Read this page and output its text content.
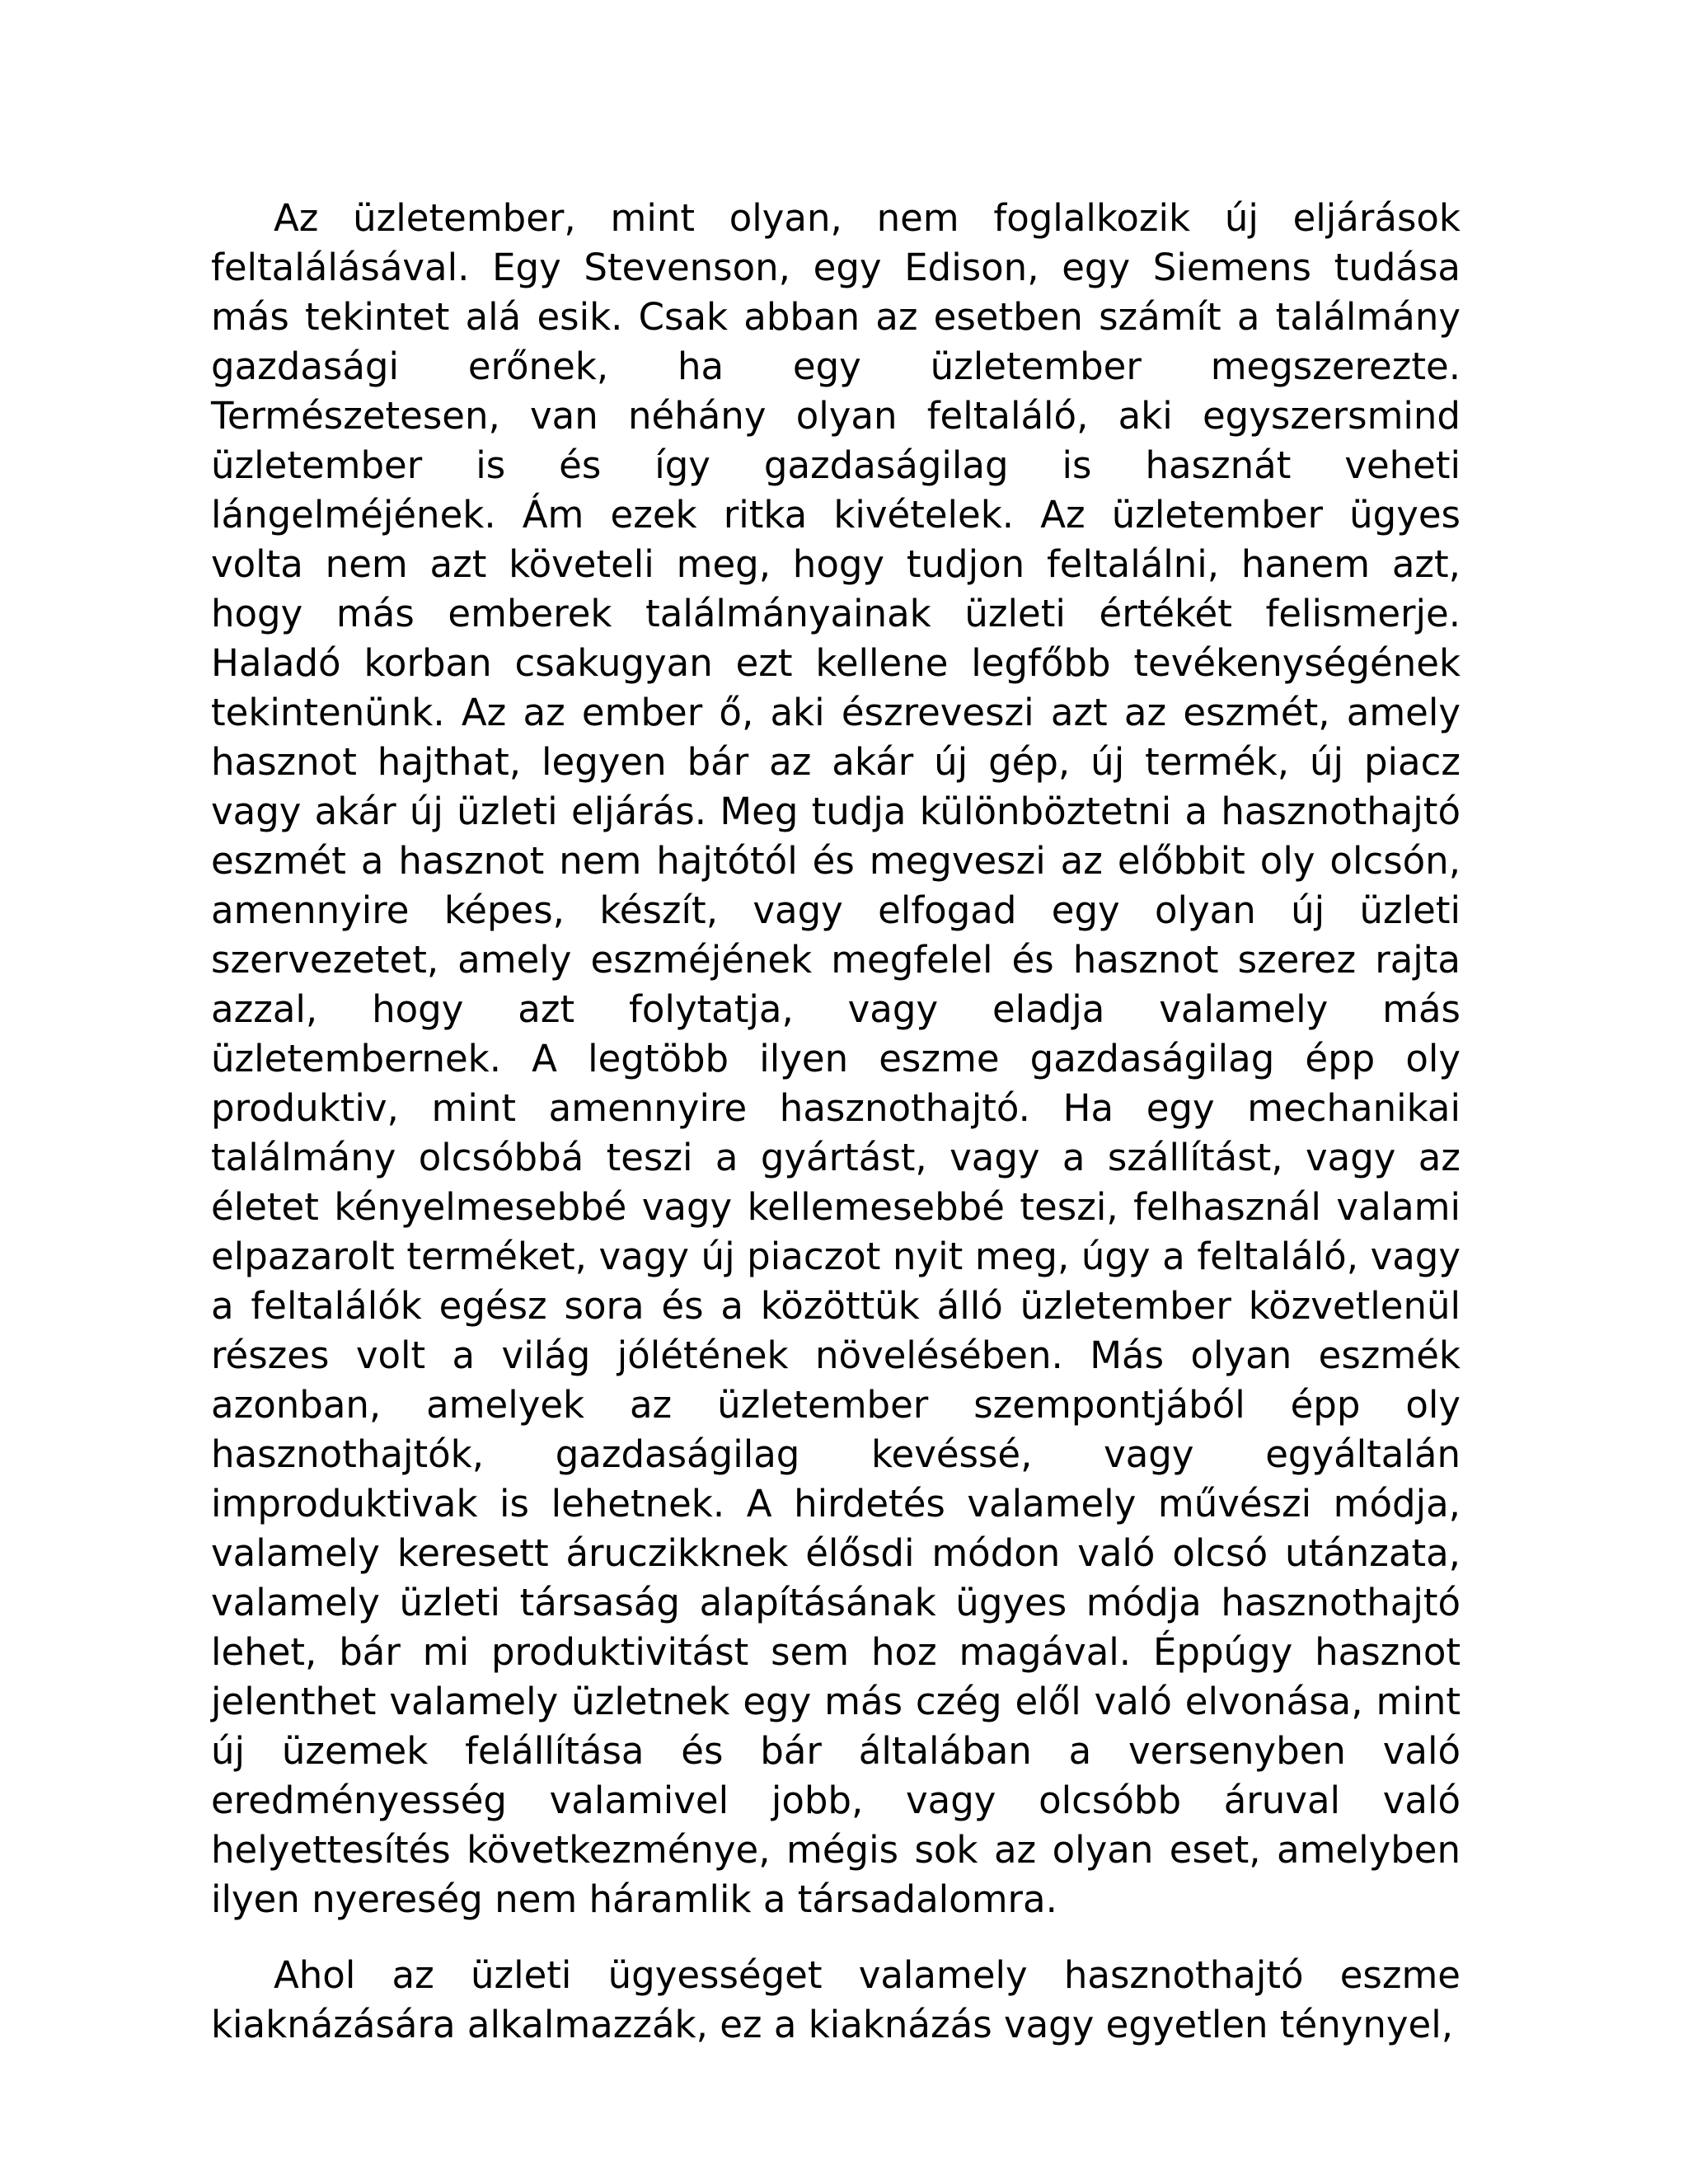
Az üzletember, mint olyan, nem foglalkozik új eljárások feltalálásával. Egy Stevenson, egy Edison, egy Siemens tudása más tekintet alá esik. Csak abban az esetben számít a találmány gazdasági erőnek, ha egy üzletember megszerezte. Természetesen, van néhány olyan feltaláló, aki egyszersmind üzletember is és így gazdaságilag is hasznát veheti lángelméjének. Ám ezek ritka kivételek. Az üzletember ügyes volta nem azt követeli meg, hogy tudjon feltalálni, hanem azt, hogy más emberek találmányainak üzleti értékét felismerje. Haladó korban csakugyan ezt kellene legfőbb tevékenységének tekintenünk. Az az ember ő, aki észreveszi azt az eszmét, amely hasznot hajthat, legyen bár az akár új gép, új termék, új piacz vagy akár új üzleti eljárás. Meg tudja különböztetni a hasznothajtó eszmét a hasznot nem hajtótól és megveszi az előbbit oly olcsón, amennyire képes, készít, vagy elfogad egy olyan új üzleti szervezetet, amely eszméjének megfelel és hasznot szerez rajta azzal, hogy azt folytatja, vagy eladja valamely más üzletembernek. A legtöbb ilyen eszme gazdaságilag épp oly produktiv, mint amennyire hasznothajtó. Ha egy mechanikai találmány olcsóbbá teszi a gyártást, vagy a szállítást, vagy az életet kényelmesebbé vagy kellemesebbé teszi, felhasznál valami elpazarolt terméket, vagy új piaczot nyit meg, úgy a feltaláló, vagy a feltalálók egész sora és a közöttük álló üzletember közvetlenül részes volt a világ jólétének növelésében. Más olyan eszmék azonban, amelyek az üzletember szempontjából épp oly hasznothajtók, gazdaságilag kevéssé, vagy egyáltalán improduktivak is lehetnek. A hirdetés valamely művészi módja, valamely keresett áruczikknek élősdi módon való olcsó utánzata, valamely üzleti társaság alapításának ügyes módja hasznothajtó lehet, bár mi produktivitást sem hoz magával. Éppúgy hasznot jelenthet valamely üzletnek egy más czég elől való elvonása, mint új üzemek felállítása és bár általában a versenyben való eredményesség valamivel jobb, vagy olcsóbb áruval való helyettesítés következménye, mégis sok az olyan eset, amelyben ilyen nyereség nem háramlik a társadalomra.

Ahol az üzleti ügyességet valamely hasznothajtó eszme kiaknázására alkalmazzák, ez a kiaknázás vagy egyetlen ténynyel,
